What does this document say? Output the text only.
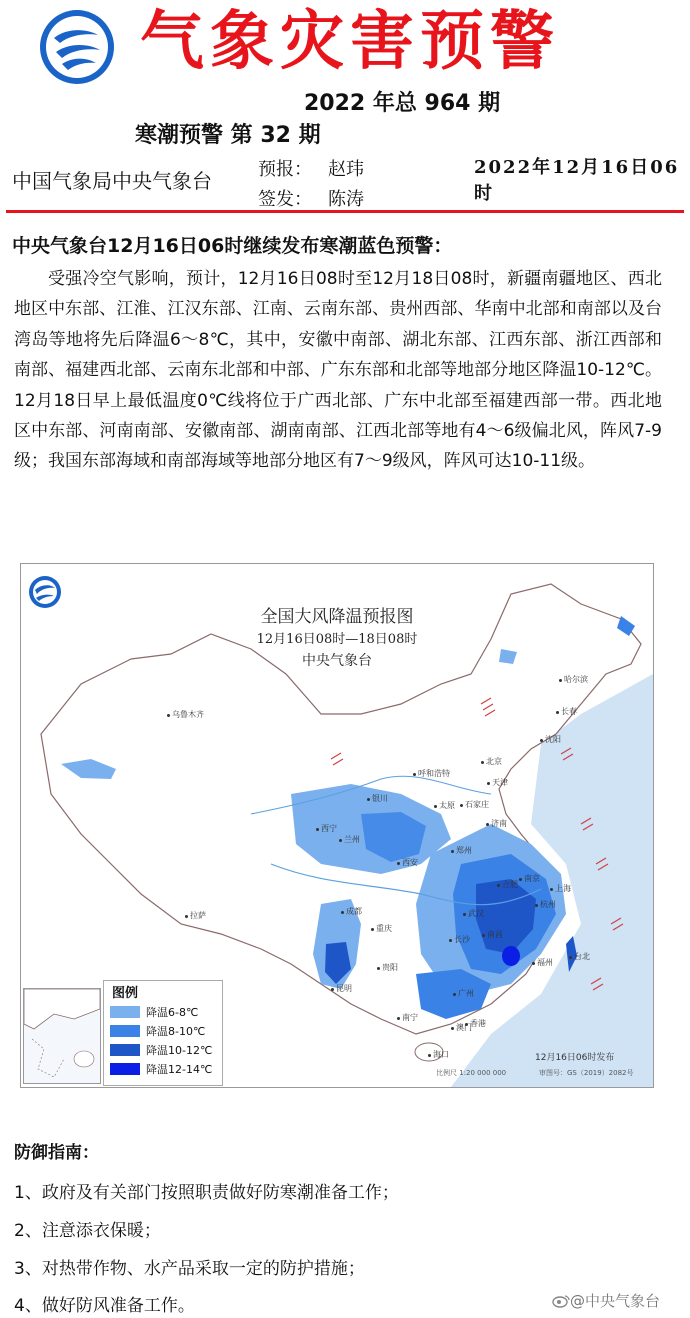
气象灾害预警
2022 年总 964 期
寒潮预警 第 32 期
中国气象局中央气象台	预报： 赵玮
签发： 陈涛
2022年12月16日06时
中央气象台12月16日06时继续发布寒潮蓝色预警：
受强冷空气影响，预计，12月16日08时至12月18日08时，新疆南疆地区、西北地区中东部、江淮、江汉东部、江南、云南东部、贵州西部、华南中北部和南部以及台湾岛等地将先后降温6～8℃，其中，安徽中南部、湖北东部、江西东部、浙江西部和南部、福建西北部、云南东北部和中部、广东东部和北部等地部分地区降温10-12℃。12月18日早上最低温度0℃线将位于广西北部、广东中北部至福建西部一带。西北地区中东部、河南南部、安徽南部、湖南南部、江西北部等地有4～6级偏北风，阵风7-9级；我国东部海域和南部海域等地部分地区有7～9级风，阵风可达10-11级。
全国大风降温预报图
12月16日08时—18日08时
中央气象台
乌鲁木齐
哈尔滨
长春
沈阳
呼和浩特
北京
天津
银川
太原 石家庄
济南
西宁
兰州
郑州
西安
合肥
南京
上海
成都	武汉
杭州
重庆
拉萨
长沙
南昌
贵阳
福州
台北
昆明
广州
南宁
香港
澳门
海口
图例
降温6-8℃
降温8-10℃
降温10-12℃
降温12-14℃
12月16日06时发布
比例尺 1:20 000 000	审图号：GS（2019）2082号
防御指南：
1、政府及有关部门按照职责做好防寒潮准备工作；
2、注意添衣保暖；
3、对热带作物、水产品采取一定的防护措施；
4、做好防风准备工作。	@中央气象台
